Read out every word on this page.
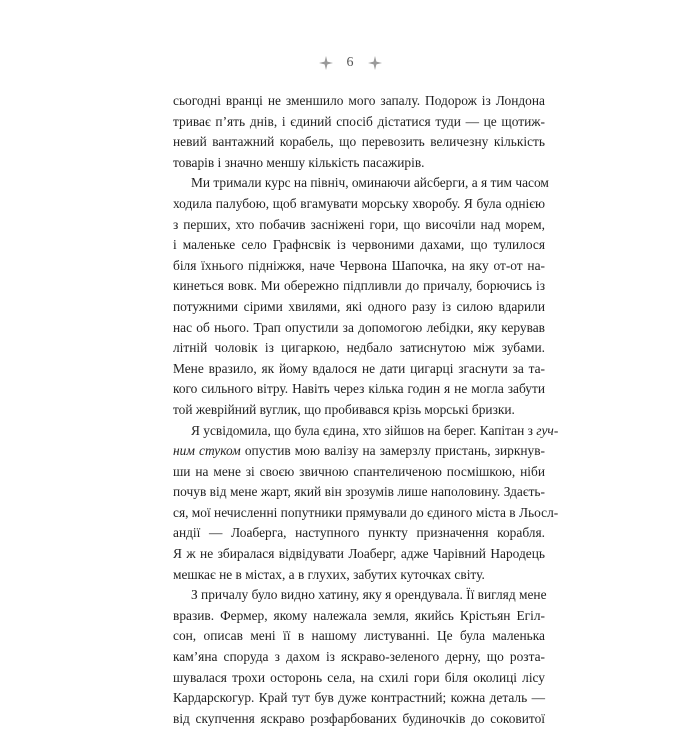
6
сьогодні вранці не зменшило мого запалу. Подорож із Лондона
триває п’ять днів, і єдиний спосіб дістатися туди — це щотиж-
невий вантажний корабель, що перевозить величезну кількість
товарів і значно меншу кількість пасажирів.
Ми тримали курс на північ, оминаючи айсберги, а я тим часом
ходила палубою, щоб вгамувати морську хворобу. Я була однією
з перших, хто побачив засніжені гори, що височіли над морем,
і маленьке село Графнсвік із червоними дахами, що тулилося
біля їхнього підніжжя, наче Червона Шапочка, на яку от-от на-
кинеться вовк. Ми обережно підпливли до причалу, борючись із
потужними сірими хвилями, які одного разу із силою вдарили
нас об нього. Трап опустили за допомогою лебідки, яку керував
літній чоловік із цигаркою, недбало затиснутою між зубами.
Мене вразило, як йому вдалося не дати цигарці згаснути за та-
кого сильного вітру. Навіть через кілька годин я не могла забути
той жеврійний вуглик, що пробивався крізь морські бризки.
Я усвідомила, що була єдина, хто зійшов на берег. Капітан з гуч-
ним стуком опустив мою валізу на замерзлу пристань, зиркнув-
ши на мене зі своєю звичною спантеличеною посмішкою, ніби
почув від мене жарт, який він зрозумів лише наполовину. Здаєть-
ся, мої нечисленні попутники прямували до єдиного міста в Льосл-
андії — Лоаберга, наступного пункту призначення корабля.
Я ж не збиралася відвідувати Лоаберг, адже Чарівний Народець
мешкає не в містах, а в глухих, забутих куточках світу.
З причалу було видно хатину, яку я орендувала. Її вигляд мене
вразив. Фермер, якому належала земля, якийсь Крістьян Егіл-
сон, описав мені її в нашому листуванні. Це була маленька
кам’яна споруда з дахом із яскраво-зеленого дерну, що розта-
шувалася трохи осторонь села, на схилі гори біля околиці лісу
Кардарскогур. Край тут був дуже контрастний; кожна деталь —
від скупчення яскраво розфарбованих будиночків до соковитої
